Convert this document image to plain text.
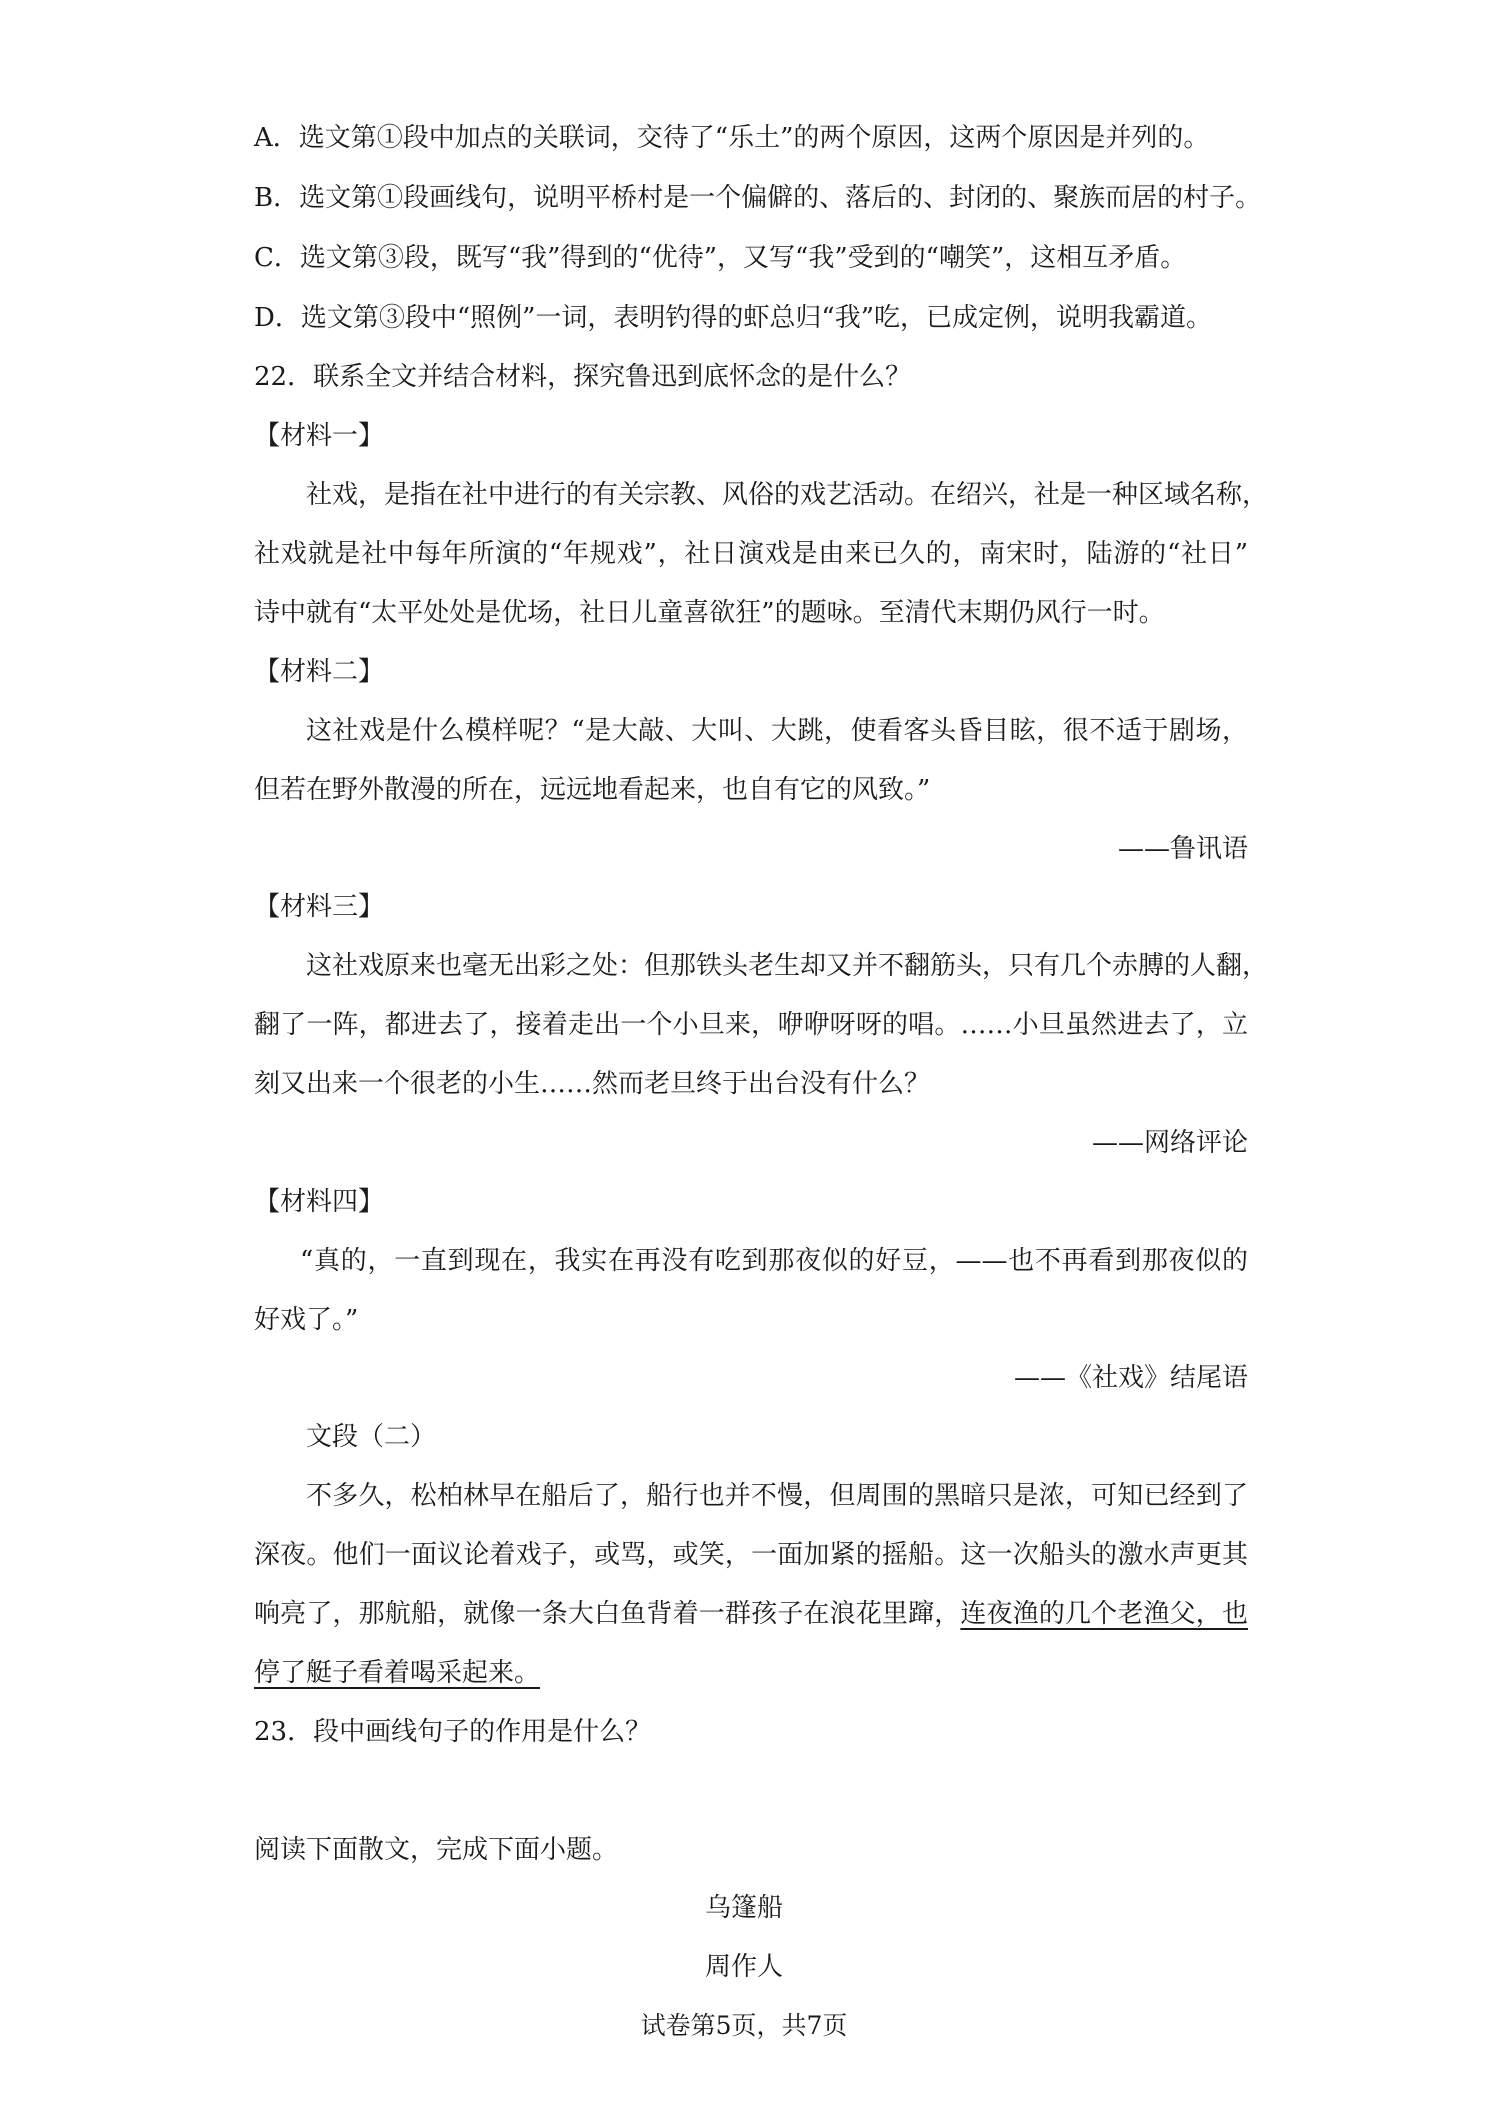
A．选文第①段中加点的关联词，交待了“乐土”的两个原因，这两个原因是并列的。
B．选文第①段画线句，说明平桥村是一个偏僻的、落后的、封闭的、聚族而居的村子。
C．选文第③段，既写“我”得到的“优待”，又写“我”受到的“嘲笑”，这相互矛盾。
D．选文第③段中“照例”一词，表明钓得的虾总归“我”吃，已成定例，说明我霸道。
22．联系全文并结合材料，探究鲁迅到底怀念的是什么？
【材料一】
社戏，是指在社中进行的有关宗教、风俗的戏艺活动。在绍兴，社是一种区域名称，
社戏就是社中每年所演的“年规戏”，社日演戏是由来已久的，南宋时，陆游的“社日”
诗中就有“太平处处是优场，社日儿童喜欲狂”的题咏。至清代末期仍风行一时。
【材料二】
这社戏是什么模样呢？“是大敲、大叫、大跳，使看客头昏目眩，很不适于剧场，
但若在野外散漫的所在，远远地看起来，也自有它的风致。”
——鲁讯语
【材料三】
这社戏原来也毫无出彩之处：但那铁头老生却又并不翻筋头，只有几个赤膊的人翻，
翻了一阵，都进去了，接着走出一个小旦来，咿咿呀呀的唱。……小旦虽然进去了，立
刻又出来一个很老的小生……然而老旦终于出台没有什么？
——网络评论
【材料四】
“真的，一直到现在，我实在再没有吃到那夜似的好豆，——也不再看到那夜似的
好戏了。”
——《社戏》结尾语
文段（二）
不多久，松柏林早在船后了，船行也并不慢，但周围的黑暗只是浓，可知已经到了
深夜。他们一面议论着戏子，或骂，或笑，一面加紧的摇船。这一次船头的激水声更其
响亮了，那航船，就像一条大白鱼背着一群孩子在浪花里蹿，连夜渔的几个老渔父，也
停了艇子看着喝采起来。
23．段中画线句子的作用是什么？
阅读下面散文，完成下面小题。
乌篷船
周作人
试卷第5页，共7页
